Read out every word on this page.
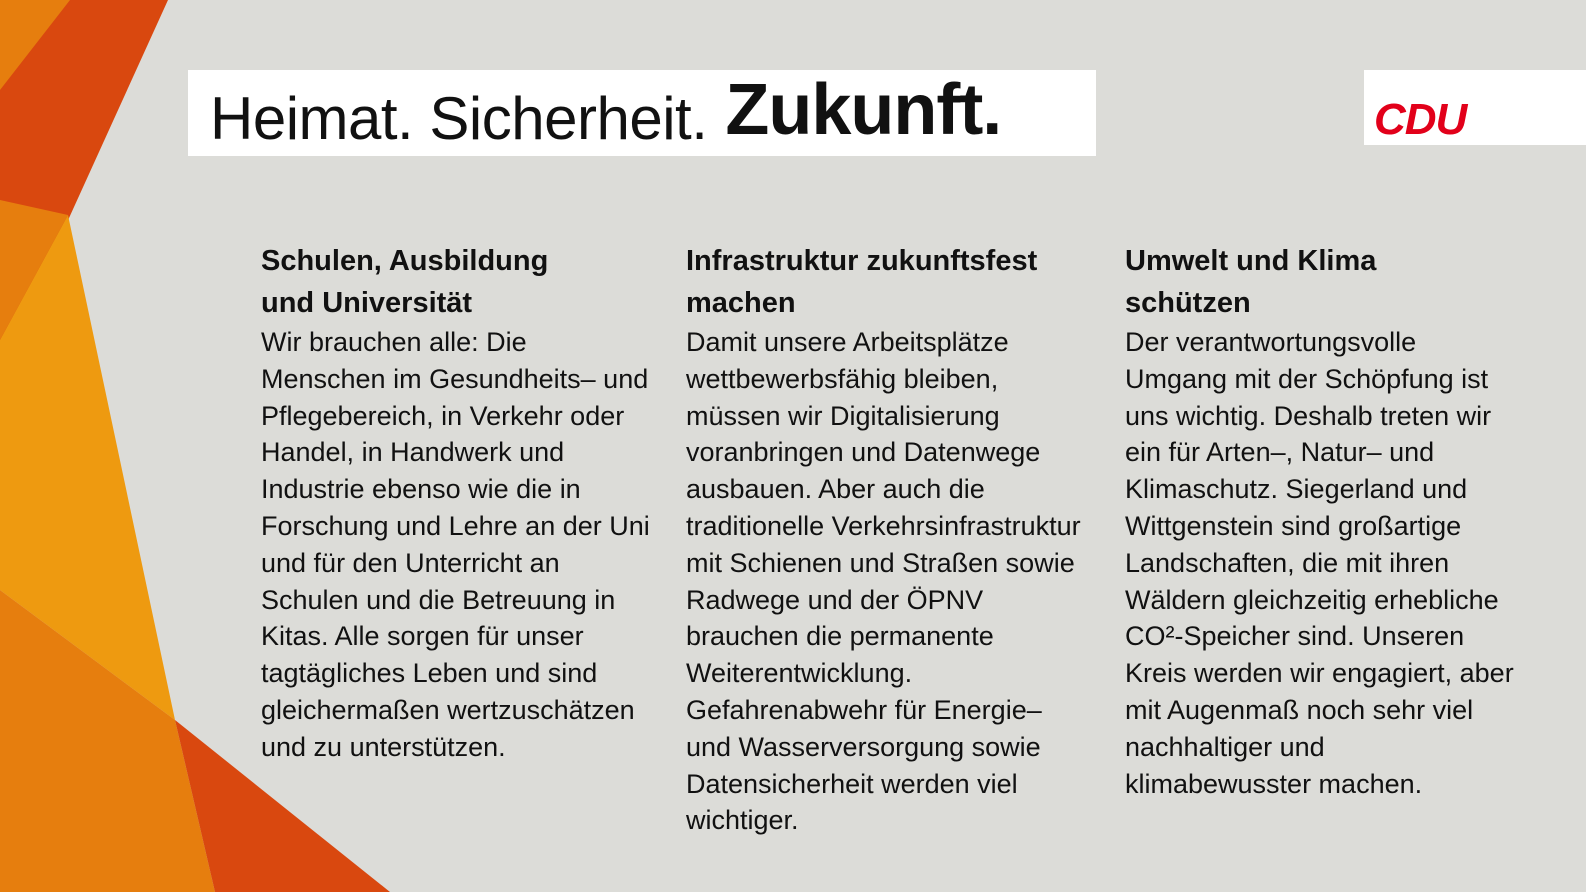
Heimat. Sicherheit. Zukunft.	CDU
Schulen, Ausbildung
und Universität

Wir brauchen alle: Die Menschen im Gesundheits– und Pflegebereich, in Verkehr oder Handel, in Handwerk und Industrie ebenso wie die in Forschung und Lehre an der Uni und für den Unterricht an Schulen und die Betreuung in Kitas. Alle sorgen für unser tagtägliches Leben und sind gleichermaßen wertzuschätzen und zu unterstützen.

Infrastruktur zukunftsfest
machen

Damit unsere Arbeitsplätze wettbewerbsfähig bleiben, müssen wir Digitalisierung voranbringen und Datenwege ausbauen. Aber auch die traditionelle Verkehrsinfrastruktur mit Schienen und Straßen sowie Radwege und der ÖPNV brauchen die permanente Weiterentwicklung. Gefahrenabwehr für Energie– und Wasserversorgung sowie Datensicherheit werden viel wichtiger.

Umwelt und Klima
schützen

Der verantwortungsvolle Umgang mit der Schöpfung ist uns wichtig. Deshalb treten wir ein für Arten–, Natur– und Klimaschutz. Siegerland und Wittgenstein sind großartige Landschaften, die mit ihren Wäldern gleichzeitig erhebliche CO²-Speicher sind. Unseren Kreis werden wir engagiert, aber mit Augenmaß noch sehr viel nachhaltiger und klimabewusster machen.
